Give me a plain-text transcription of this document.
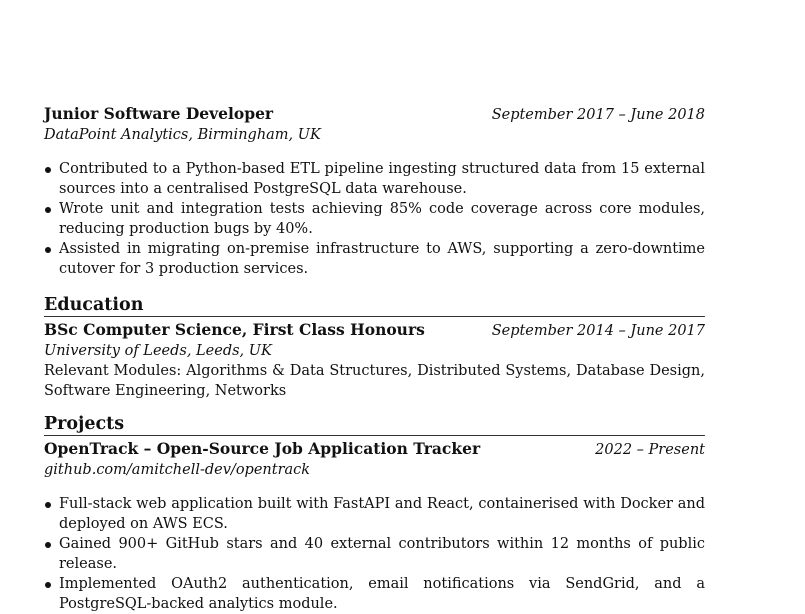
Junior Software Developer	September 2017 – June 2018
DataPoint Analytics, Birmingham, UK
Contributed to a Python-based ETL pipeline ingesting structured data from 15 external sources into a centralised PostgreSQL data warehouse.
Wrote unit and integration tests achieving 85% code coverage across core modules, reducing production bugs by 40%.
Assisted in migrating on-premise infrastructure to AWS, supporting a zero-downtime cutover for 3 production services.
Education
BSc Computer Science, First Class Honours	September 2014 – June 2017
University of Leeds, Leeds, UK
Relevant Modules: Algorithms & Data Structures, Distributed Systems, Database Design, Software Engineering, Networks
Projects
OpenTrack – Open-Source Job Application Tracker	2022 – Present
github.com/amitchell-dev/opentrack
Full-stack web application built with FastAPI and React, containerised with Docker and deployed on AWS ECS.
Gained 900+ GitHub stars and 40 external contributors within 12 months of public release.
Implemented OAuth2 authentication, email notifications via SendGrid, and a PostgreSQL-backed analytics module.
